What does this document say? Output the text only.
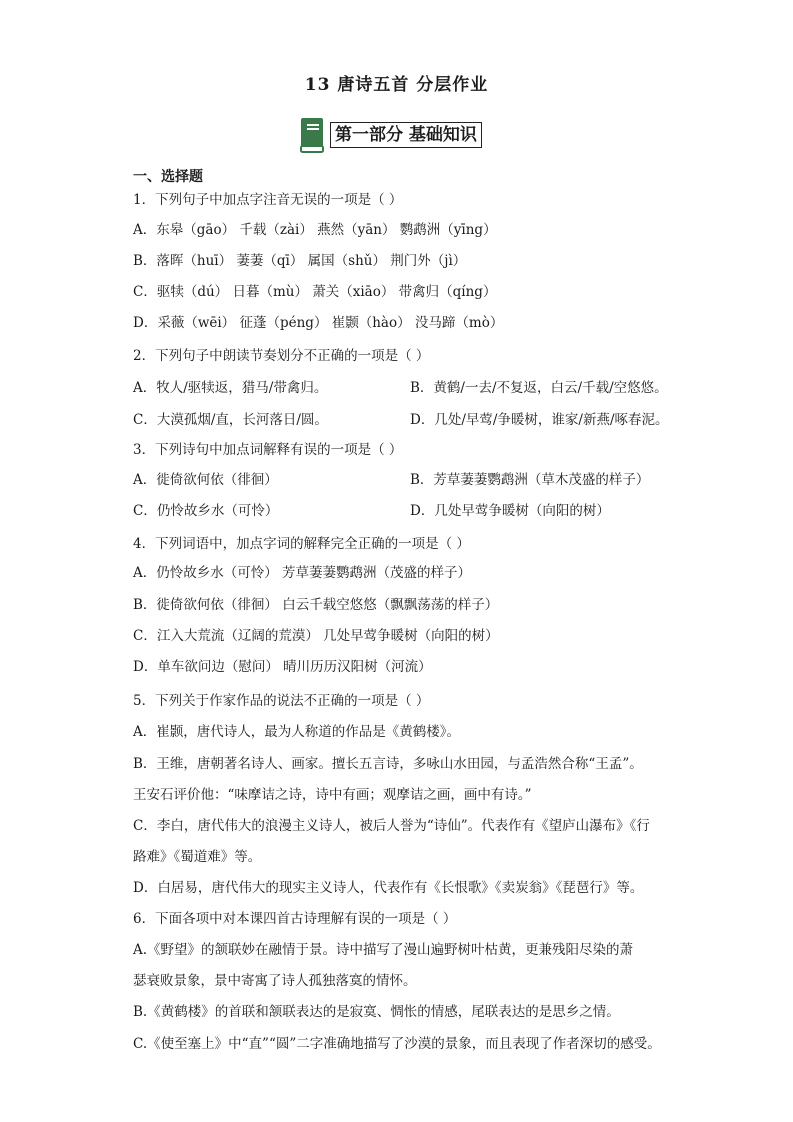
13 唐诗五首 分层作业
第一部分 基础知识
一、选择题
1．下列句子中加点字注音无误的一项是（ ）
A．东皋（gāo） 千载（zài） 燕然（yān） 鹦鹉洲（yīng）
B．落晖（huī） 萋萋（qī） 属国（shǔ） 荆门外（jì）
C．驱犊（dú） 日暮（mù） 萧关（xiāo） 带禽归（qíng）
D．采薇（wēi） 征蓬（péng） 崔颢（hào） 没马蹄（mò）
2．下列句子中朗读节奏划分不正确的一项是（ ）
A．牧人/驱犊返，猎马/带禽归。	B．黄鹤/一去/不复返，白云/千载/空悠悠。
C．大漠孤烟/直，长河落日/圆。	D．几处/早莺/争暖树，谁家/新燕/啄春泥。
3．下列诗句中加点词解释有误的一项是（ ）
A．徙倚欲何依（徘徊）	B．芳草萋萋鹦鹉洲（草木茂盛的样子）
C．仍怜故乡水（可怜）	D．几处早莺争暖树（向阳的树）
4．下列词语中，加点字词的解释完全正确的一项是（ ）
A．仍怜故乡水（可怜） 芳草萋萋鹦鹉洲（茂盛的样子）
B．徙倚欲何依（徘徊） 白云千载空悠悠（飘飘荡荡的样子）
C．江入大荒流（辽阔的荒漠） 几处早莺争暖树（向阳的树）
D．单车欲问边（慰问） 晴川历历汉阳树（河流）
5．下列关于作家作品的说法不正确的一项是（ ）
A．崔颢，唐代诗人，最为人称道的作品是《黄鹤楼》。
B．王维，唐朝著名诗人、画家。擅长五言诗，多咏山水田园，与孟浩然合称“王孟”。
王安石评价他：“味摩诘之诗，诗中有画；观摩诘之画，画中有诗。”
C．李白，唐代伟大的浪漫主义诗人，被后人誉为“诗仙”。代表作有《望庐山瀑布》《行
路难》《蜀道难》等。
D．白居易，唐代伟大的现实主义诗人，代表作有《长恨歌》《卖炭翁》《琵琶行》等。
6．下面各项中对本课四首古诗理解有误的一项是（ ）
A.《野望》的颔联妙在融情于景。诗中描写了漫山遍野树叶枯黄，更兼残阳尽染的萧
瑟衰败景象，景中寄寓了诗人孤独落寞的情怀。
B.《黄鹤楼》的首联和颔联表达的是寂寞、惆怅的情感，尾联表达的是思乡之情。
C.《使至塞上》中“直”“圆”二字准确地描写了沙漠的景象，而且表现了作者深切的感受。
